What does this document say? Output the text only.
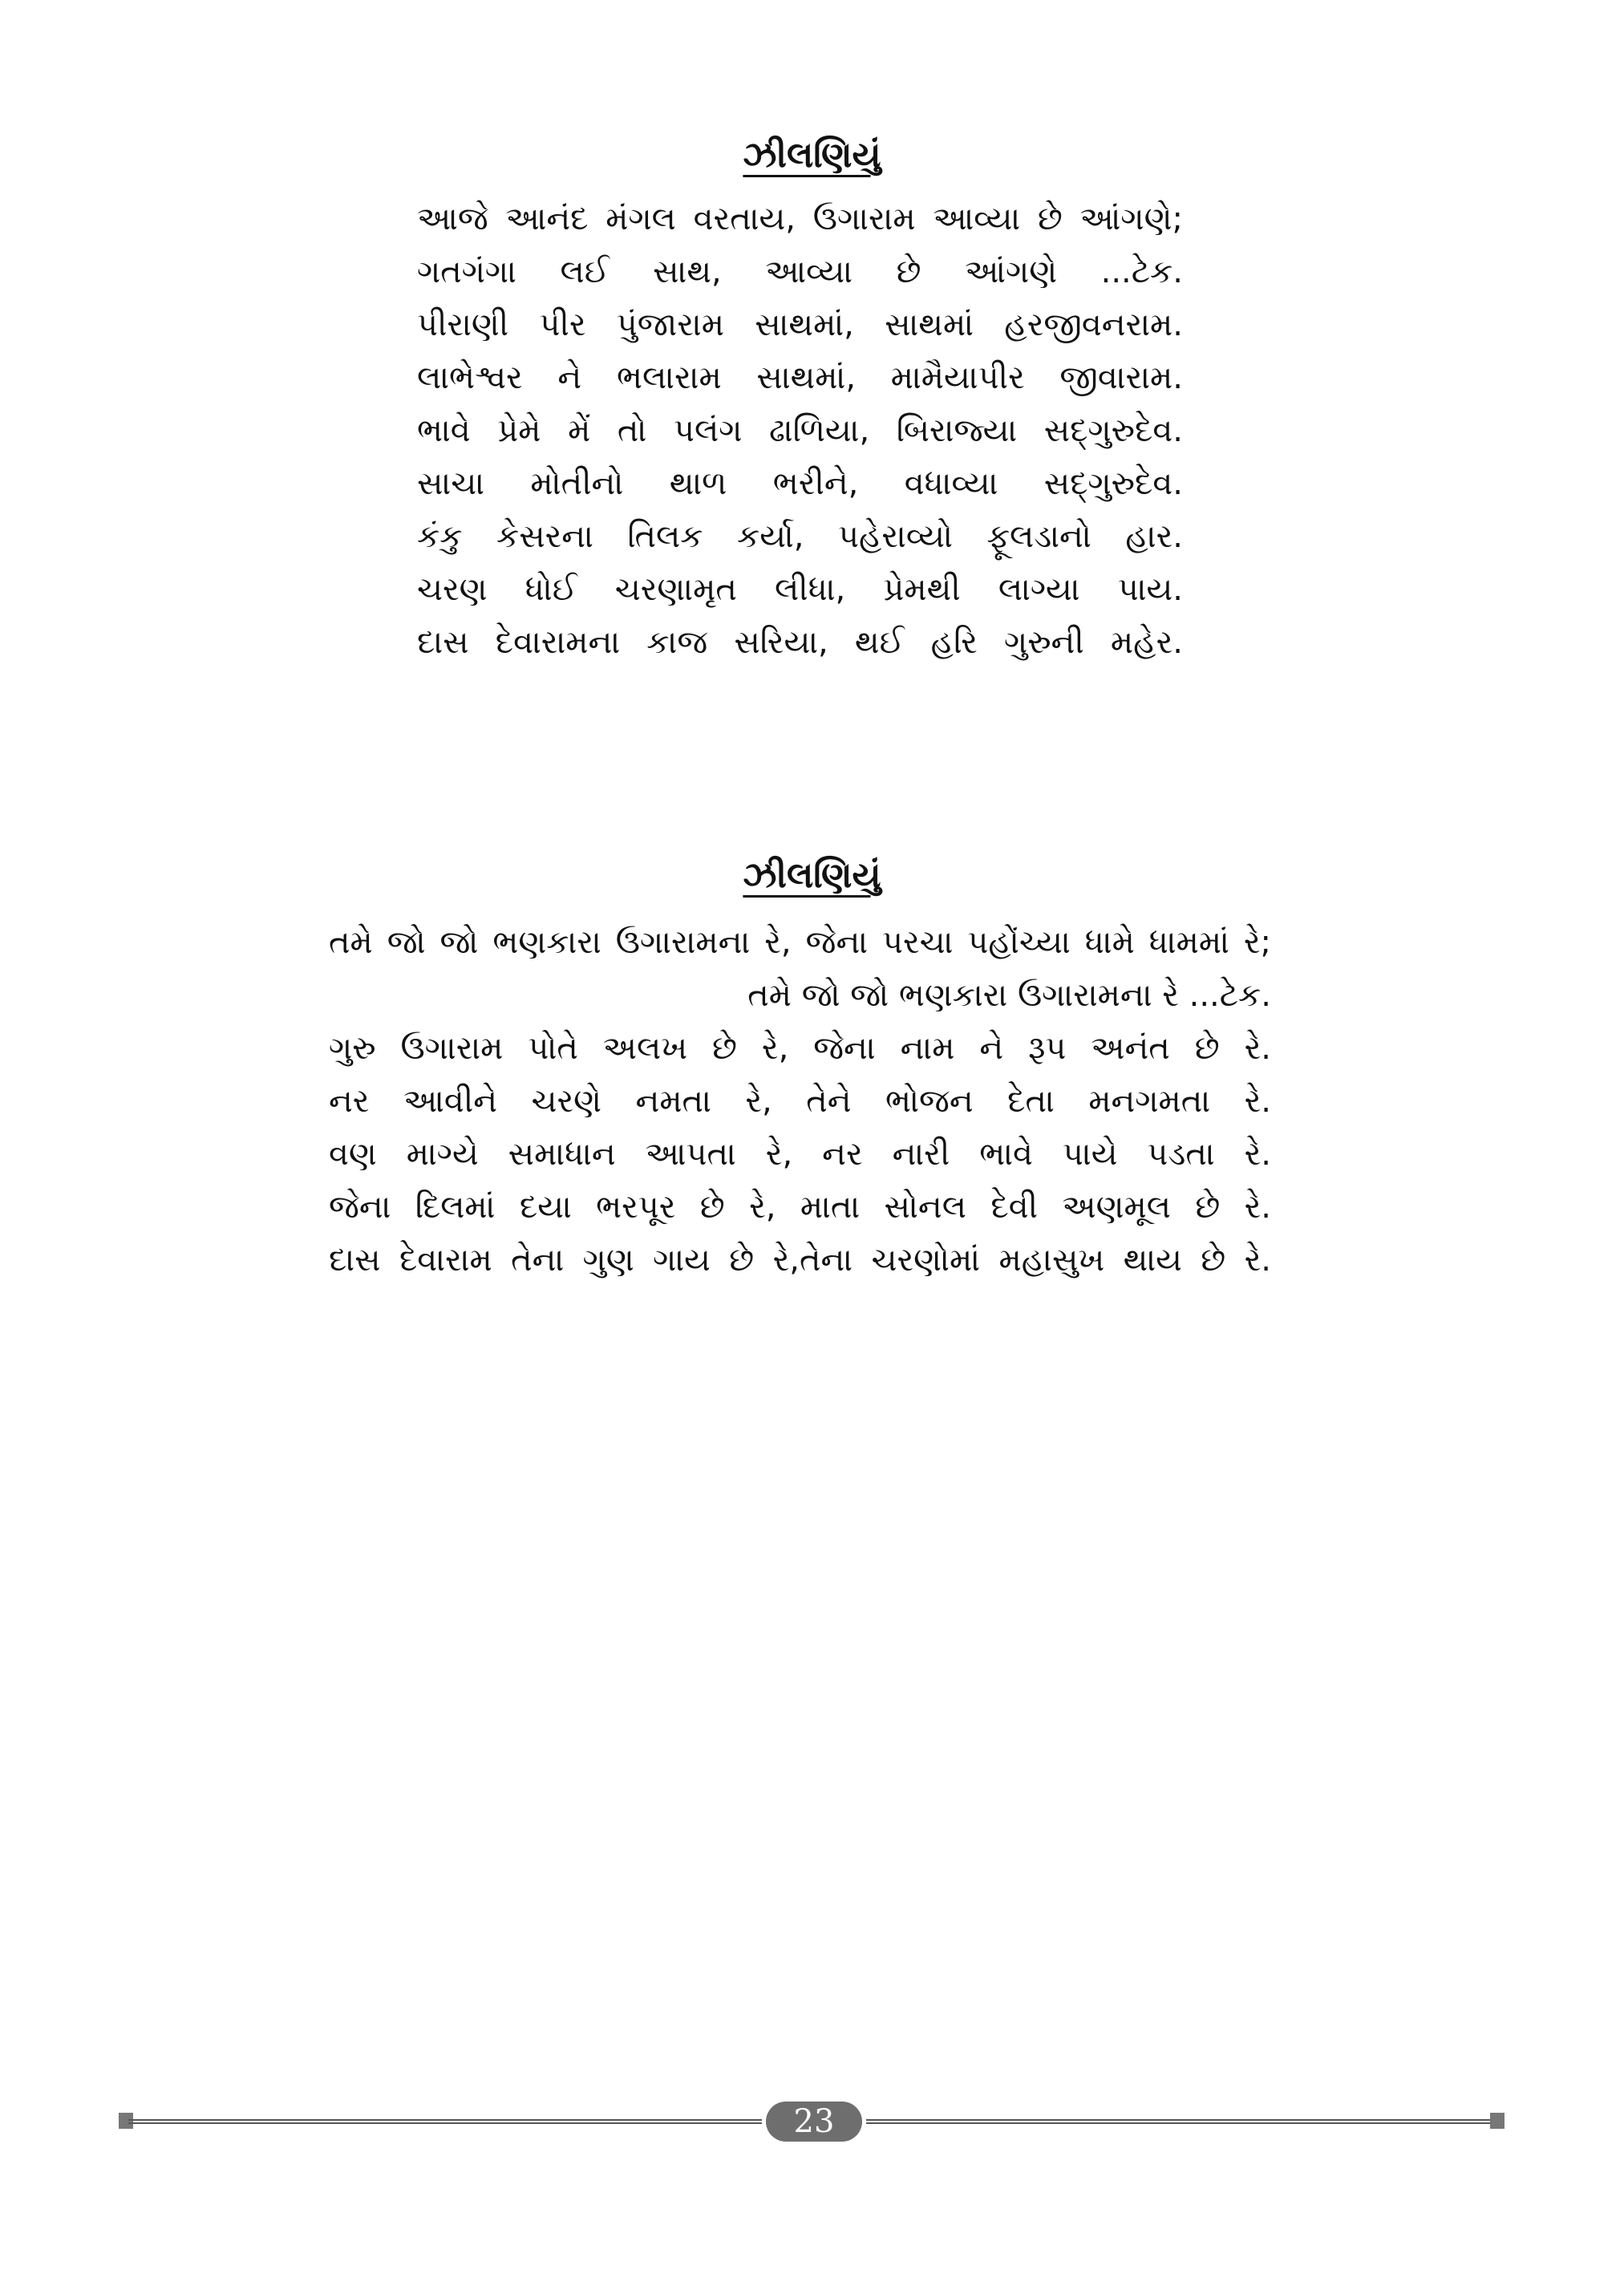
ઝીલણિયું
આજે આનંદ મંગલ વરતાય, ઉગારામ આવ્યા છે આંગણે;
ગતગંગા લઈ સાથ, આવ્યા છે આંગણે ...ટેક.
પીરાણી પીર પુંજારામ સાથમાં, સાથમાં હરજીવનરામ.
લાભેશ્વર ને ભલારામ સાથમાં, મામૈયાપીર જીવારામ.
ભાવે પ્રેમે મેં તો પલંગ ઢાળિયા, બિરાજ્યા સદ્‌ગુરુદેવ.
સાચા મોતીનો થાળ ભરીને, વધાવ્યા સદ્‌ગુરુદેવ.
કંકુ કેસરના તિલક કર્યા, પહેરાવ્યો ફૂલડાનો હાર.
ચરણ ધોઈ ચરણામૃત લીધા, પ્રેમથી લાગ્યા પાય.
દાસ દેવારામના કાજ સરિયા, થઈ હરિ ગુરુની મહેર.
ઝીલણિયું
તમે જો જો ભણકારા ઉગારામના રે, જેના પરચા પહોંચ્યા ધામે ધામમાં રે;
તમે જો જો ભણકારા ઉગારામના રે ...ટેક.
ગુરુ ઉગારામ પોતે અલખ છે રે, જેના નામ ને રૂપ અનંત છે રે.
નર આવીને ચરણે નમતા રે, તેને ભોજન દેતા મનગમતા રે.
વણ માગ્યે સમાધાન આપતા રે, નર નારી ભાવે પાયે પડતા રે.
જેના દિલમાં દયા ભરપૂર છે રે, માતા સોનલ દેવી અણમૂલ છે રે.
દાસ દેવારામ તેના ગુણ ગાય છે રે,તેના ચરણોમાં મહાસુખ થાય છે રે.
23
